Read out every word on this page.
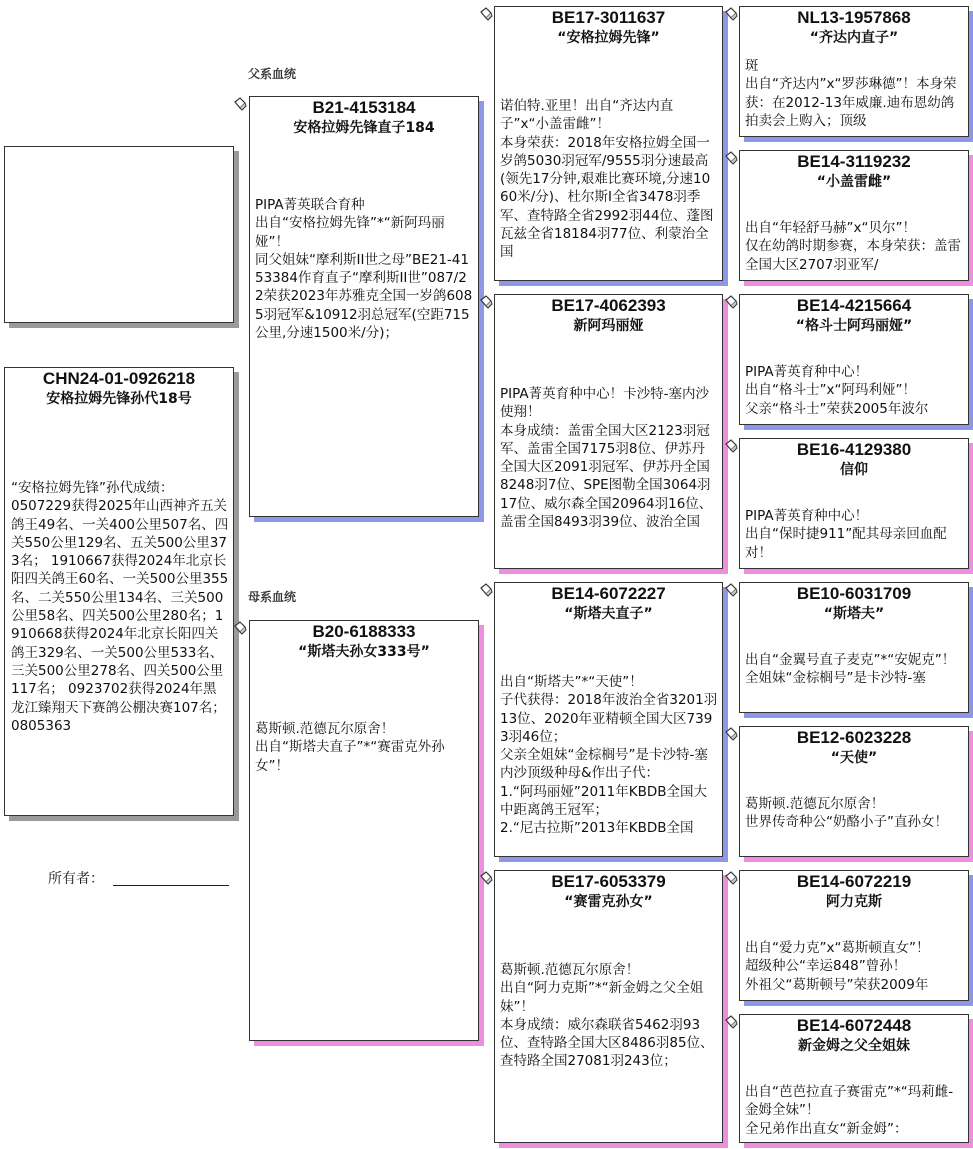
CHN24-01-0926218
安格拉姆先锋孙代18号
“安格拉姆先锋”孙代成绩：
0507229获得2025年山西神齐五关鸽王49名、一关400公里507名、四关550公里129名、五关500公里373名； 1910667获得2024年北京长阳四关鸽王60名、一关500公里355名、二关550公里134名、三关500公里58名、四关500公里280名；1910668获得2024年北京长阳四关鸽王329名、一关500公里533名、三关500公里278名、四关500公里117名； 0923702获得2024年黑龙江臻翔天下赛鸽公棚决赛107名； 0805363
所有者：
父系血统
母系血统
B21-4153184
安格拉姆先锋直子184
PIPA菁英联合育种
出自“安格拉姆先锋”*“新阿玛丽娅”！
同父姐妹“摩利斯II世之母”BE21-4153384作育直子“摩利斯II世”087/22荣获2023年苏雅克全国一岁鸽6085羽冠军&10912羽总冠军(空距715公里,分速1500米/分)；
B20-6188333
“斯塔夫孙女333号”
葛斯顿.范德瓦尔原舍！
出自“斯塔夫直子”*“赛雷克外孙女”！
BE17-3011637
“安格拉姆先锋”
诺伯特.亚里！出自“齐达内直子”x“小盖雷雌”！
本身荣获：2018年安格拉姆全国一岁鸽5030羽冠军/9555羽分速最高(领先17分钟,艰难比赛环境,分速1060米/分)、杜尔斯I全省3478羽季军、查特路全省2992羽44位、蓬图瓦兹全省18184羽77位、利蒙治全国
BE17-4062393
新阿玛丽娅
PIPA菁英育种中心！卡沙特-塞内沙使翔！
本身成绩：盖雷全国大区2123羽冠军、盖雷全国7175羽8位、伊苏丹全国大区2091羽冠军、伊苏丹全国8248羽7位、SPE图勒全国3064羽17位、威尔森全国20964羽16位、盖雷全国8493羽39位、波治全国
BE14-6072227
“斯塔夫直子”
出自“斯塔夫”*“天使”！
子代获得：2018年波治全省3201羽13位、2020年亚精顿全国大区7393羽46位；
父亲全姐妹“金棕榈号”是卡沙特-塞内沙顶级种母&作出子代：
1.“阿玛丽娅”2011年KBDB全国大中距离鸽王冠军；
2.“尼古拉斯”2013年KBDB全国
BE17-6053379
“赛雷克孙女”
葛斯顿.范德瓦尔原舍！
出自“阿力克斯”*“新金姆之父全姐妹”！
本身成绩：威尔森联省5462羽93位、查特路全国大区8486羽85位、查特路全国27081羽243位；
NL13-1957868
“齐达内直子”
斑
出自“齐达内”x“罗莎琳德”！本身荣获：在2012-13年威廉.迪布恩幼鸽拍卖会上购入；顶级
BE14-3119232
“小盖雷雌”
出自“年轻舒马赫”x“贝尔”！
仅在幼鸽时期参赛，本身荣获：盖雷全国大区2707羽亚军/
BE14-4215664
“格斗士阿玛丽娅”
PIPA菁英育种中心！
出自“格斗士”x“阿玛利娅”！
父亲“格斗士”荣获2005年波尔
BE16-4129380
信仰
PIPA菁英育种中心！
出自“保时捷911”配其母亲回血配对！
BE10-6031709
“斯塔夫”
出自“金翼号直子麦克”*“安妮克”！
全姐妹“金棕榈号”是卡沙特-塞
BE12-6023228
“天使”
葛斯顿.范德瓦尔原舍！
世界传奇种公“奶酪小子”直孙女！
BE14-6072219
阿力克斯
出自“爱力克”x“葛斯顿直女”！
超级种公“幸运848”曾孙！
外祖父“葛斯顿号”荣获2009年
BE14-6072448
新金姆之父全姐妹
出自“芭芭拉直子赛雷克”*“玛莉雌-金姆全妹”！
全兄弟作出直女“新金姆”：
